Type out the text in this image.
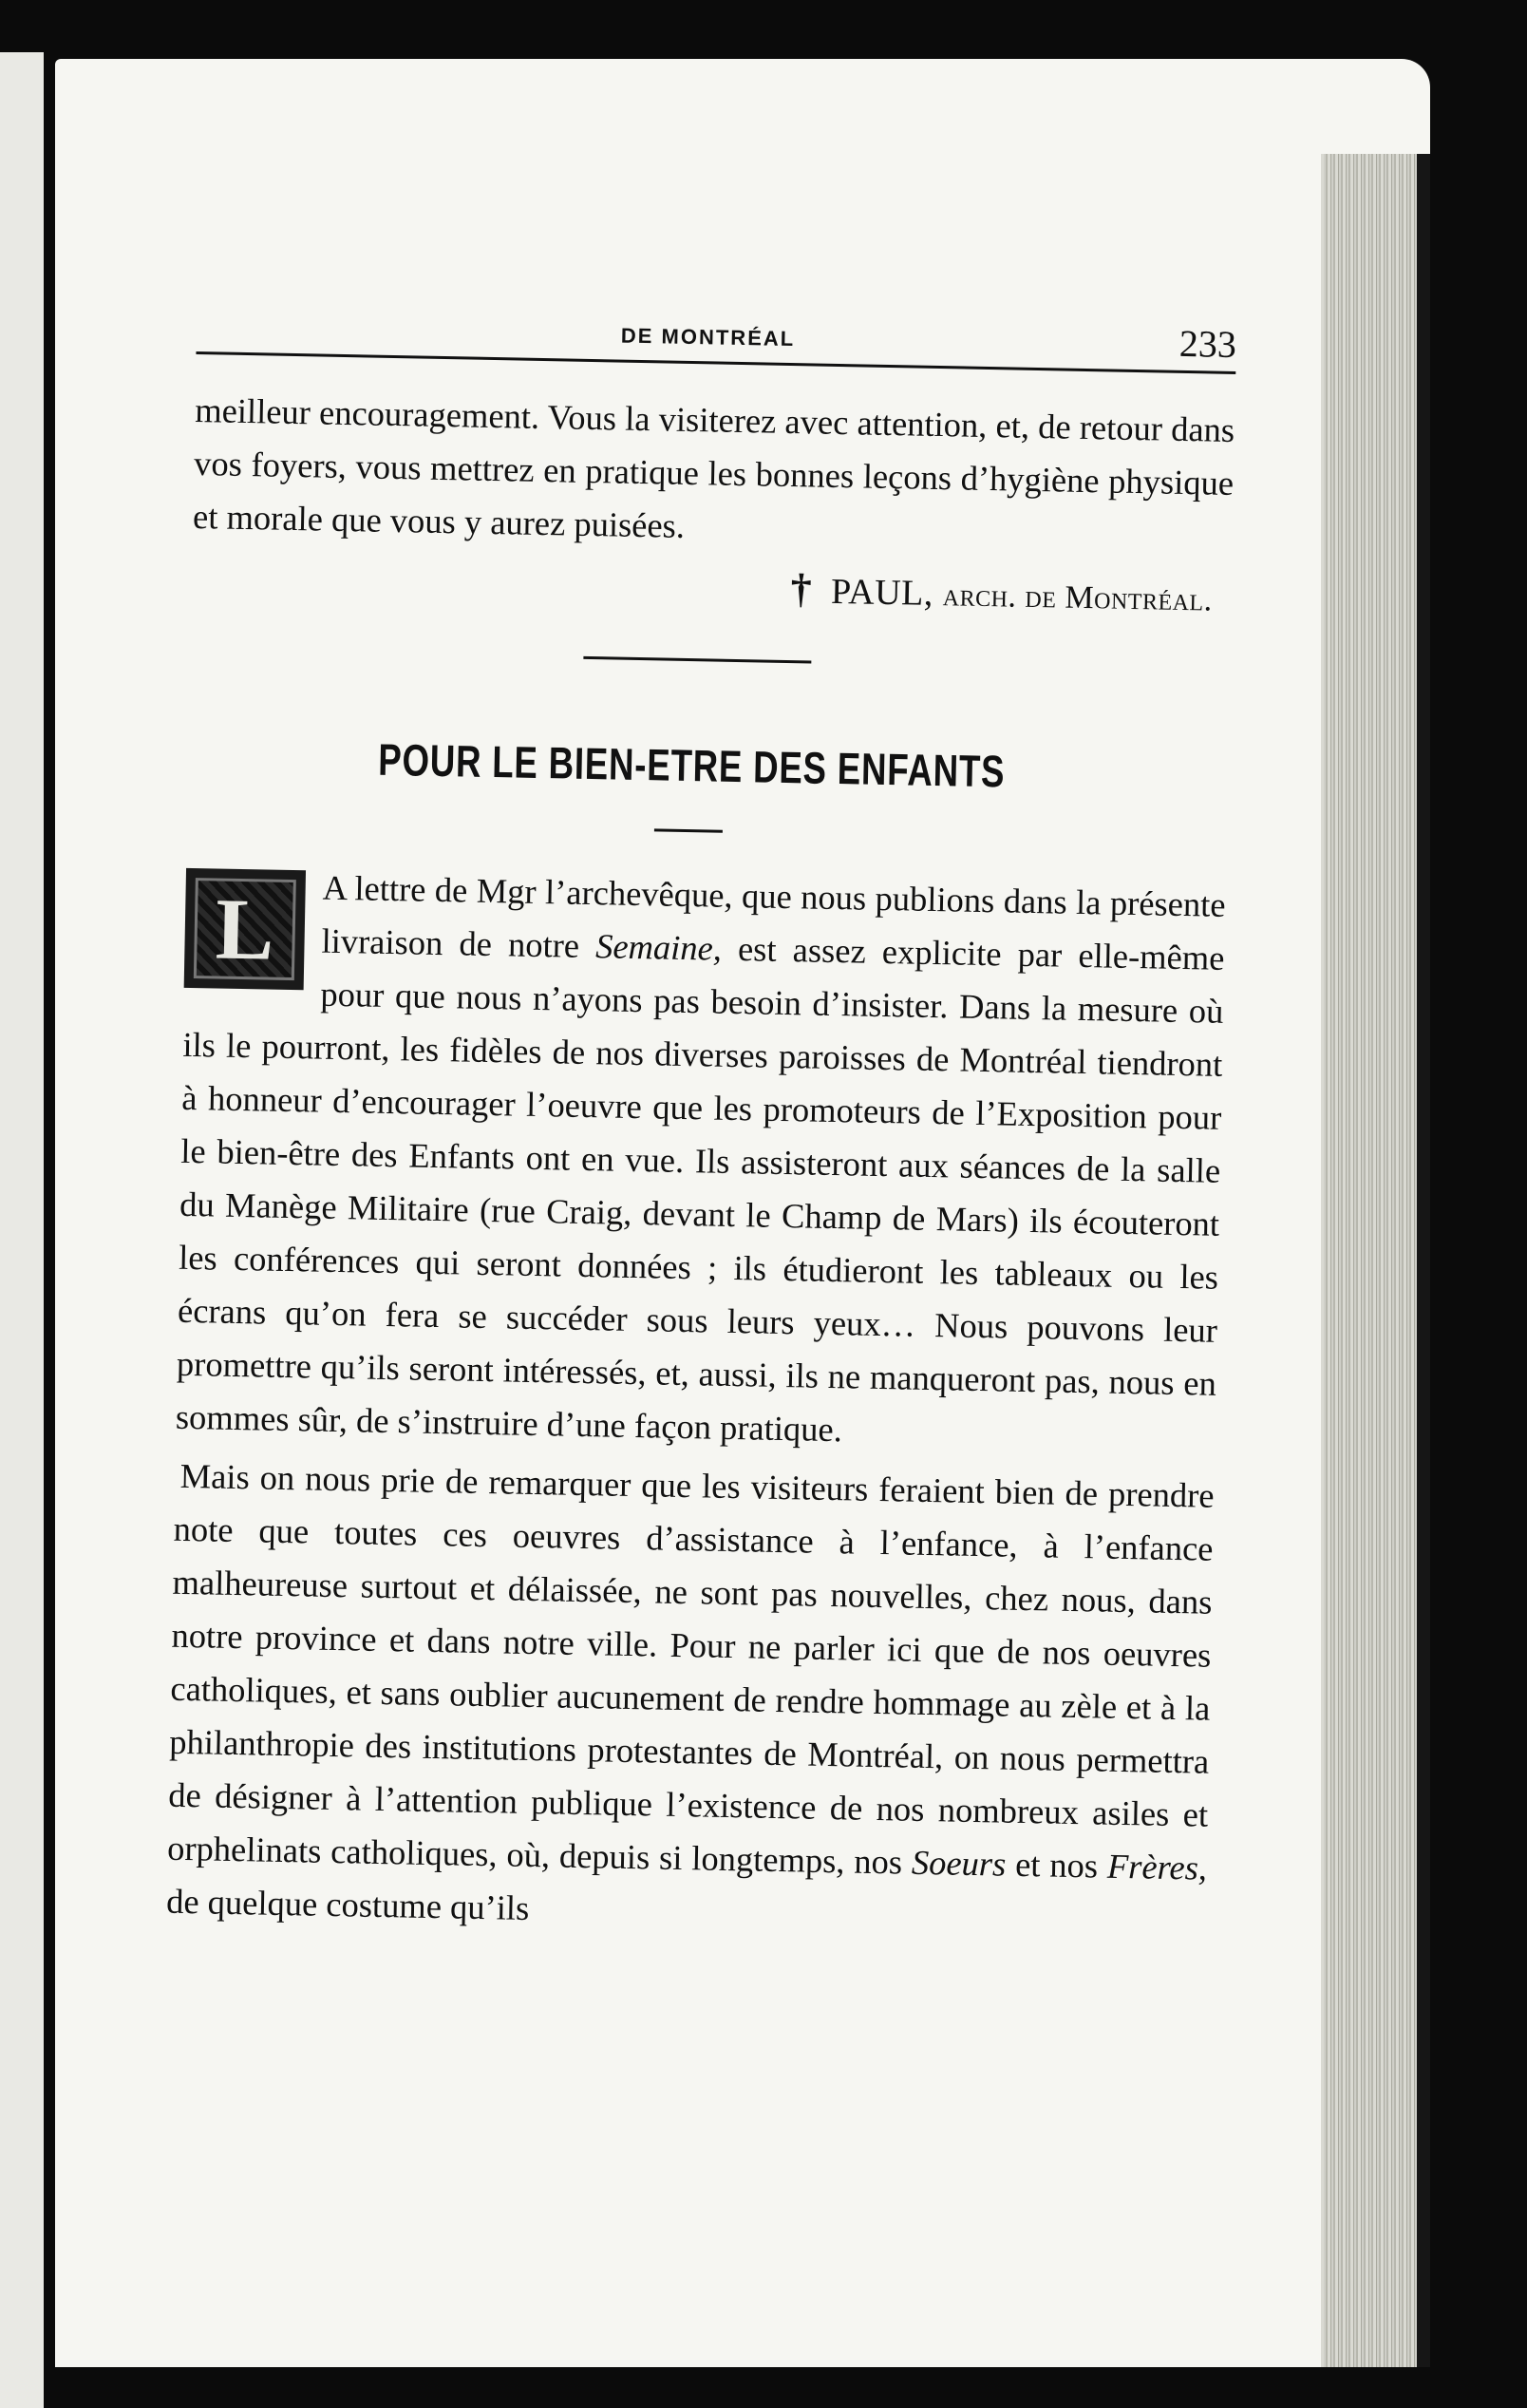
DE MONTRÉAL	233

meilleur encouragement. Vous la visiterez avec attention, et, de retour dans vos foyers, vous mettrez en pratique les bonnes leçons d’hygiène physique et morale que vous y aurez puisées.

† PAUL, arch. de Montréal.
POUR LE BIEN-ETRE DES ENFANTS
L	A lettre de Mgr l’archevêque, que nous publions dans la présente livraison de notre Semaine, est assez explicite par elle-même pour que nous n’ayons pas besoin d’insister. Dans la mesure où ils le pourront, les fidèles de nos diverses paroisses de Montréal tiendront à honneur d’encourager l’oeuvre que les promoteurs de l’Exposition pour le bien-être des Enfants ont en vue. Ils assisteront aux séances de la salle du Manège Militaire (rue Craig, devant le Champ de Mars) ils écouteront les conférences qui seront données ; ils étudieront les tableaux ou les écrans qu’on fera se succéder sous leurs yeux… Nous pouvons leur promettre qu’ils seront intéressés, et, aussi, ils ne manqueront pas, nous en sommes sûr, de s’instruire d’une façon pratique.

Mais on nous prie de remarquer que les visiteurs feraient bien de prendre note que toutes ces oeuvres d’assistance à l’enfance, à l’enfance malheureuse surtout et délaissée, ne sont pas nouvelles, chez nous, dans notre province et dans notre ville. Pour ne parler ici que de nos oeuvres catholiques, et sans oublier aucunement de rendre hommage au zèle et à la philanthropie des institutions protestantes de Montréal, on nous permettra de désigner à l’attention publique l’existence de nos nombreux asiles et orphelinats catholiques, où, depuis si longtemps, nos Soeurs et nos Frères, de quelque costume qu’ils
